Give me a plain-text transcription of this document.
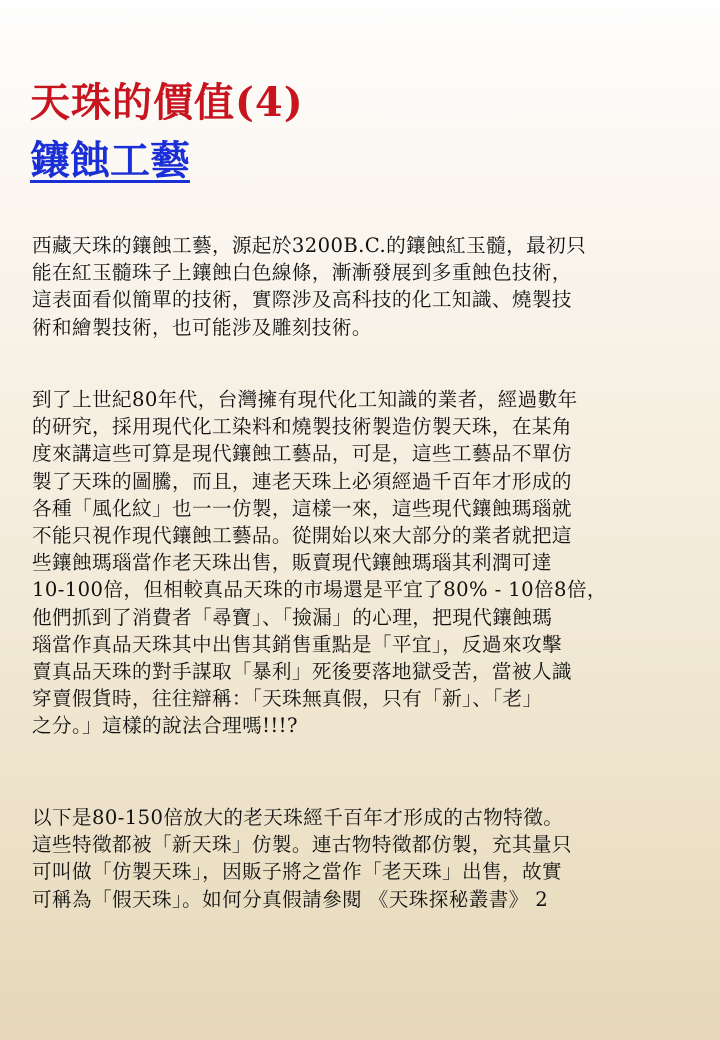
天珠的價值(4)
鑲蝕工藝
西藏天珠的鑲蝕工藝，源起於3200B.C.的鑲蝕紅玉髓，最初只
能在紅玉髓珠子上鑲蝕白色線條，漸漸發展到多重蝕色技術，
這表面看似簡單的技術，實際涉及高科技的化工知識、燒製技
術和繪製技術，也可能涉及雕刻技術。
到了上世紀80年代，台灣擁有現代化工知識的業者，經過數年
的研究，採用現代化工染料和燒製技術製造仿製天珠，在某角
度來講這些可算是現代鑲蝕工藝品，可是，這些工藝品不單仿
製了天珠的圖騰，而且，連老天珠上必須經過千百年才形成的
各種「風化紋」也一一仿製，這樣一來，這些現代鑲蝕瑪瑙就
不能只視作現代鑲蝕工藝品。從開始以來大部分的業者就把這
些鑲蝕瑪瑙當作老天珠出售，販賣現代鑲蝕瑪瑙其利潤可達
10-100倍，但相較真品天珠的市場還是平宜了80% - 10倍8倍，
他們抓到了消費者「尋寶」、「撿漏」的心理，把現代鑲蝕瑪
瑙當作真品天珠其中出售其銷售重點是「平宜」，反過來攻擊
賣真品天珠的對手謀取「暴利」死後要落地獄受苦，當被人識
穿賣假貨時，往往辯稱：「天珠無真假，只有「新」、「老」
之分。」這樣的說法合理嗎!!!?
以下是80-150倍放大的老天珠經千百年才形成的古物特徵。
這些特徵都被「新天珠」仿製。連古物特徵都仿製，充其量只
可叫做「仿製天珠」，因販子將之當作「老天珠」出售，故實
可稱為「假天珠」。如何分真假請參閱 《天珠探秘叢書》 2
